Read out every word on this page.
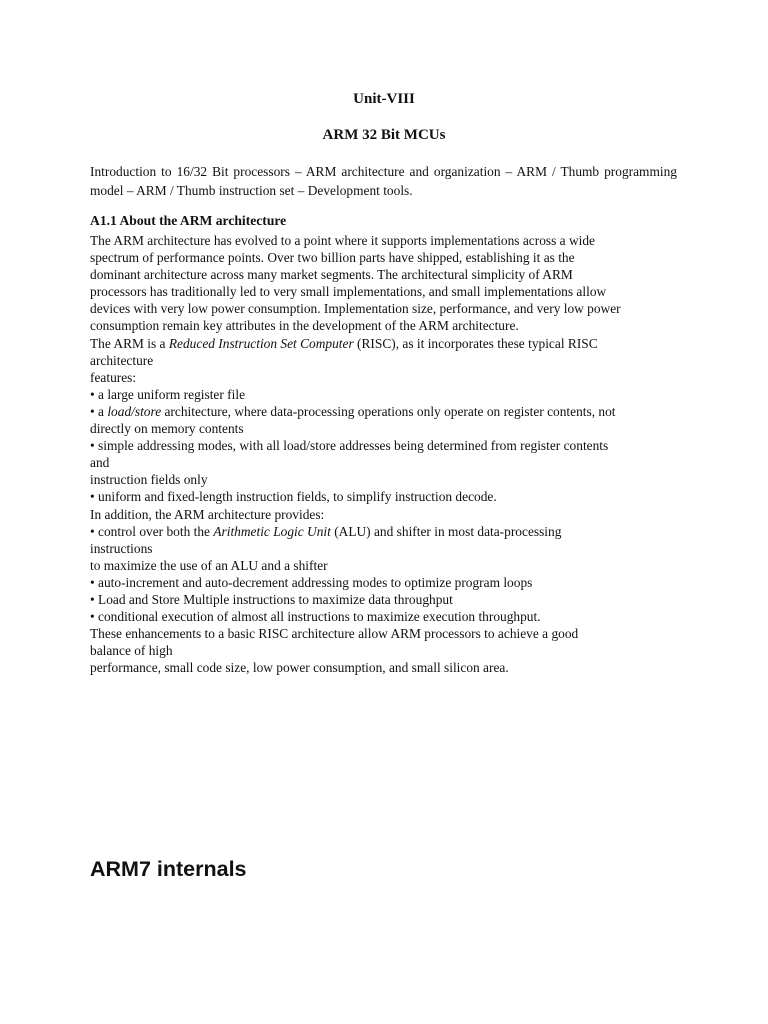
Unit-VIII
ARM 32 Bit MCUs

Introduction to 16/32 Bit processors – ARM architecture and organization – ARM / Thumb programming model – ARM / Thumb instruction set – Development tools.

A1.1 About the ARM architecture
The ARM architecture has evolved to a point where it supports implementations across a wide
spectrum of performance points. Over two billion parts have shipped, establishing it as the
dominant architecture across many market segments. The architectural simplicity of ARM
processors has traditionally led to very small implementations, and small implementations allow
devices with very low power consumption. Implementation size, performance, and very low power
consumption remain key attributes in the development of the ARM architecture.
The ARM is a Reduced Instruction Set Computer (RISC), as it incorporates these typical RISC
architecture
features:
• a large uniform register file
• a load/store architecture, where data-processing operations only operate on register contents, not
directly on memory contents
• simple addressing modes, with all load/store addresses being determined from register contents
and
instruction fields only
• uniform and fixed-length instruction fields, to simplify instruction decode.
In addition, the ARM architecture provides:
• control over both the Arithmetic Logic Unit (ALU) and shifter in most data-processing
instructions
to maximize the use of an ALU and a shifter
• auto-increment and auto-decrement addressing modes to optimize program loops
• Load and Store Multiple instructions to maximize data throughput
• conditional execution of almost all instructions to maximize execution throughput.
These enhancements to a basic RISC architecture allow ARM processors to achieve a good
balance of high
performance, small code size, low power consumption, and small silicon area.
ARM7 internals
